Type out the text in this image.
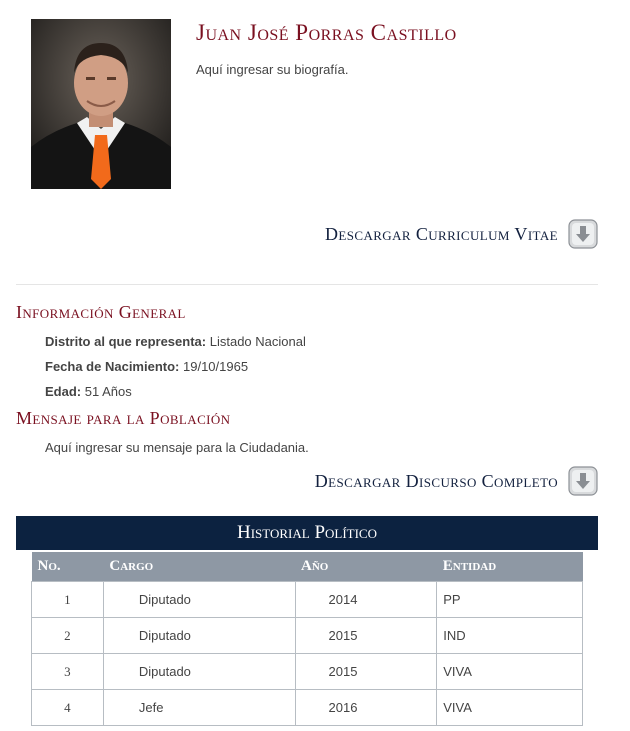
Juan José Porras Castillo
Aquí ingresar su biografía.
Descargar Curriculum Vitae
Información General
Distrito al que representa: Listado Nacional
Fecha de Nacimiento: 19/10/1965
Edad: 51 Años
Mensaje para la Población
Aquí ingresar su mensaje para la Ciudadania.
Descargar Discurso Completo
Historial Político
No.	Cargo	Año	Entidad
1	Diputado	2014	PP
2	Diputado	2015	IND
3	Diputado	2015	VIVA
4	Jefe	2016	VIVA
